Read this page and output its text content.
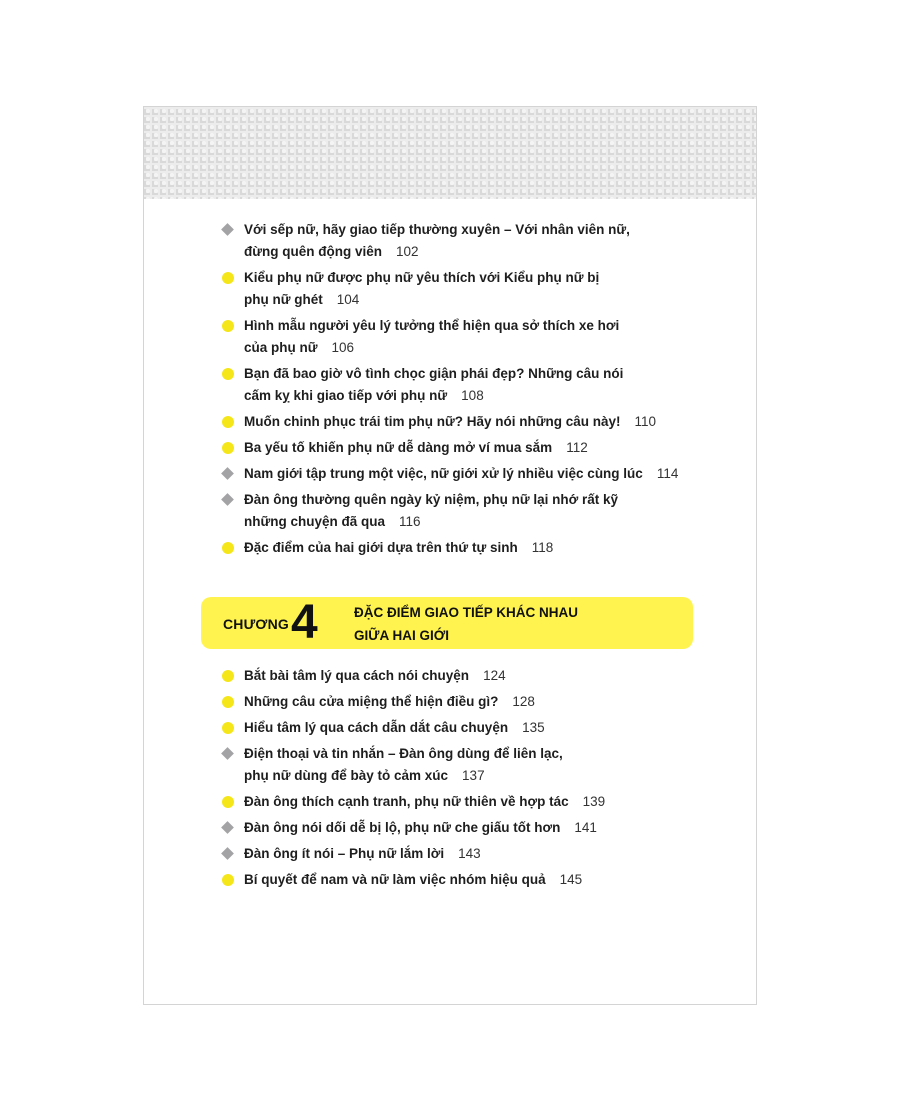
Với sếp nữ, hãy giao tiếp thường xuyên – Với nhân viên nữ,
đừng quên động viên 102
Kiểu phụ nữ được phụ nữ yêu thích với Kiểu phụ nữ bị
phụ nữ ghét 104
Hình mẫu người yêu lý tưởng thể hiện qua sở thích xe hơi
của phụ nữ 106
Bạn đã bao giờ vô tình chọc giận phái đẹp? Những câu nói
cấm kỵ khi giao tiếp với phụ nữ 108
Muốn chinh phục trái tim phụ nữ? Hãy nói những câu này! 110
Ba yếu tố khiến phụ nữ dễ dàng mở ví mua sắm 112
Nam giới tập trung một việc, nữ giới xử lý nhiều việc cùng lúc 114
Đàn ông thường quên ngày kỷ niệm, phụ nữ lại nhớ rất kỹ
những chuyện đã qua 116
Đặc điểm của hai giới dựa trên thứ tự sinh 118
CHƯƠNG 4	ĐẶC ĐIỂM GIAO TIẾP KHÁC NHAU
GIỮA HAI GIỚI
Bắt bài tâm lý qua cách nói chuyện 124
Những câu cửa miệng thể hiện điều gì? 128
Hiểu tâm lý qua cách dẫn dắt câu chuyện 135
Điện thoại và tin nhắn – Đàn ông dùng để liên lạc,
phụ nữ dùng để bày tỏ cảm xúc 137
Đàn ông thích cạnh tranh, phụ nữ thiên về hợp tác 139
Đàn ông nói dối dễ bị lộ, phụ nữ che giấu tốt hơn 141
Đàn ông ít nói – Phụ nữ lắm lời 143
Bí quyết để nam và nữ làm việc nhóm hiệu quả 145
